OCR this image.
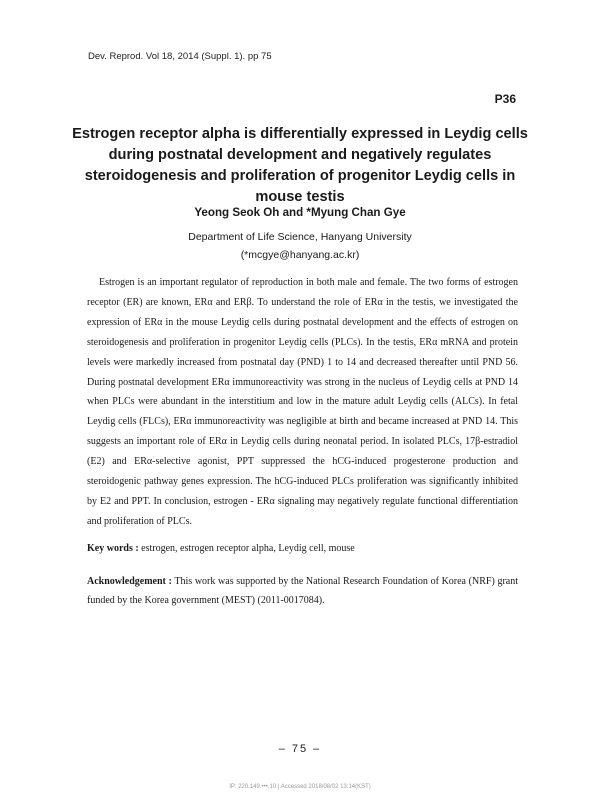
Dev. Reprod. Vol 18, 2014 (Suppl. 1). pp 75
P36
Estrogen receptor alpha is differentially expressed in Leydig cells during postnatal development and negatively regulates steroidogenesis and proliferation of progenitor Leydig cells in mouse testis
Yeong Seok Oh and *Myung Chan Gye
Department of Life Science, Hanyang University
(*mcgye@hanyang.ac.kr)

Estrogen is an important regulator of reproduction in both male and female. The two forms of estrogen receptor (ER) are known, ERα and ERβ. To understand the role of ERα in the testis, we investigated the expression of ERα in the mouse Leydig cells during postnatal development and the effects of estrogen on steroidogenesis and proliferation in progenitor Leydig cells (PLCs). In the testis, ERα mRNA and protein levels were markedly increased from postnatal day (PND) 1 to 14 and decreased thereafter until PND 56. During postnatal development ERα immunoreactivity was strong in the nucleus of Leydig cells at PND 14 when PLCs were abundant in the interstitium and low in the mature adult Leydig cells (ALCs). In fetal Leydig cells (FLCs), ERα immunoreactivity was negligible at birth and became increased at PND 14. This suggests an important role of ERα in Leydig cells during neonatal period. In isolated PLCs, 17β-estradiol (E2) and ERα-selective agonist, PPT suppressed the hCG-induced progesterone production and steroidogenic pathway genes expression. The hCG-induced PLCs proliferation was significantly inhibited by E2 and PPT. In conclusion, estrogen - ERα signaling may negatively regulate functional differentiation and proliferation of PLCs.

Key words : estrogen, estrogen receptor alpha, Leydig cell, mouse

Acknowledgement : This work was supported by the National Research Foundation of Korea (NRF) grant funded by the Korea government (MEST) (2011-0017084).

– 75 –
IP: 220.149.•••.10 | Accessed 2018/08/02 13:14(KST)
